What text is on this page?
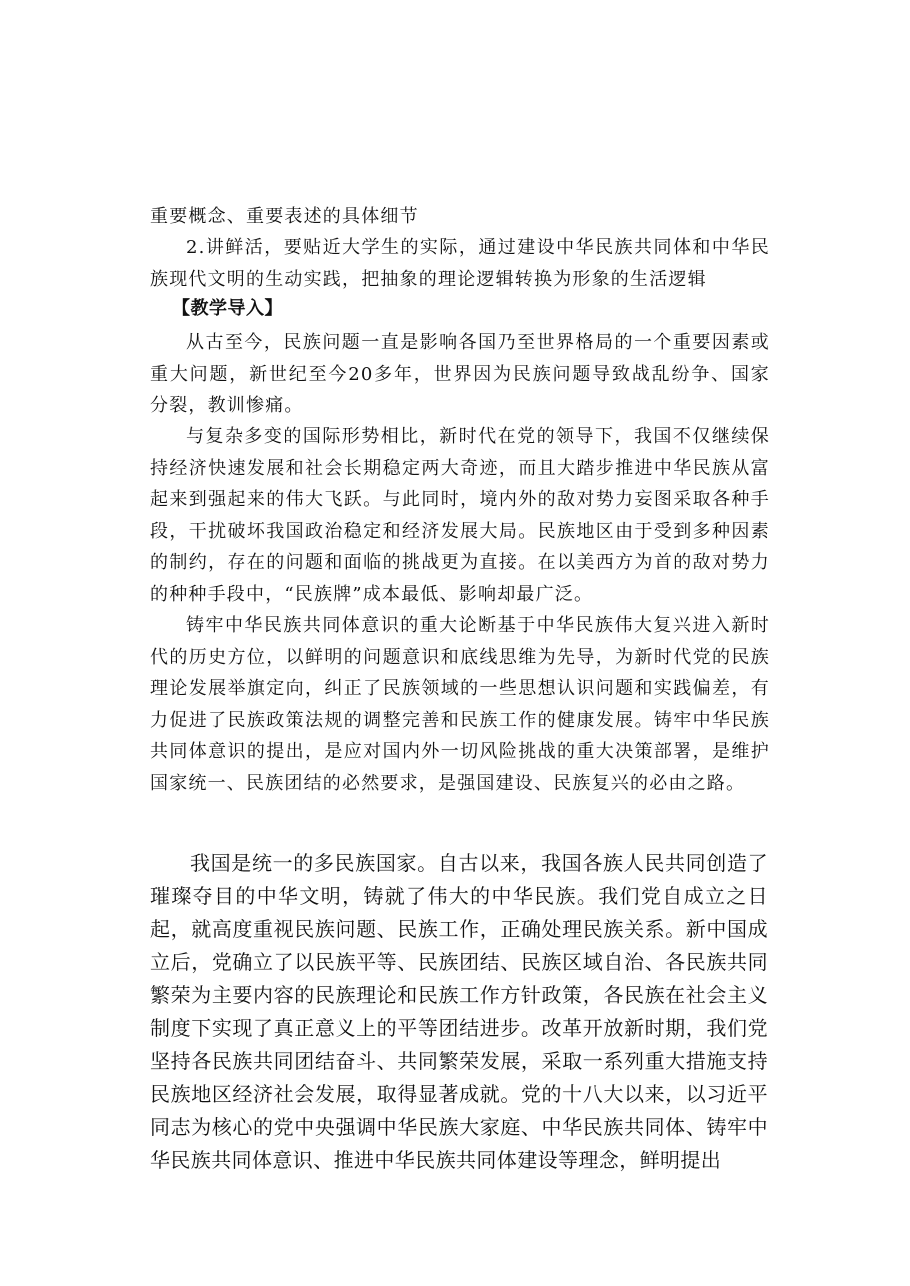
重要概念、重要表述的具体细节

2.讲鲜活，要贴近大学生的实际，通过建设中华民族共同体和中华民族现代文明的生动实践，把抽象的理论逻辑转换为形象的生活逻辑

【教学导入】

从古至今，民族问题一直是影响各国乃至世界格局的一个重要因素或重大问题，新世纪至今20多年，世界因为民族问题导致战乱纷争、国家分裂，教训惨痛。

与复杂多变的国际形势相比，新时代在党的领导下，我国不仅继续保持经济快速发展和社会长期稳定两大奇迹，而且大踏步推进中华民族从富起来到强起来的伟大飞跃。与此同时，境内外的敌对势力妄图采取各种手段，干扰破坏我国政治稳定和经济发展大局。民族地区由于受到多种因素的制约，存在的问题和面临的挑战更为直接。在以美西方为首的敌对势力的种种手段中，“民族牌”成本最低、影响却最广泛。

铸牢中华民族共同体意识的重大论断基于中华民族伟大复兴进入新时代的历史方位，以鲜明的问题意识和底线思维为先导，为新时代党的民族理论发展举旗定向，纠正了民族领域的一些思想认识问题和实践偏差，有力促进了民族政策法规的调整完善和民族工作的健康发展。铸牢中华民族共同体意识的提出，是应对国内外一切风险挑战的重大决策部署，是维护国家统一、民族团结的必然要求，是强国建设、民族复兴的必由之路。

我国是统一的多民族国家。自古以来，我国各族人民共同创造了璀璨夺目的中华文明，铸就了伟大的中华民族。我们党自成立之日起，就高度重视民族问题、民族工作，正确处理民族关系。新中国成立后，党确立了以民族平等、民族团结、民族区域自治、各民族共同繁荣为主要内容的民族理论和民族工作方针政策，各民族在社会主义制度下实现了真正意义上的平等团结进步。改革开放新时期，我们党坚持各民族共同团结奋斗、共同繁荣发展，采取一系列重大措施支持民族地区经济社会发展，取得显著成就。党的十八大以来，以习近平同志为核心的党中央强调中华民族大家庭、中华民族共同体、铸牢中华民族共同体意识、推进中华民族共同体建设等理念，鲜明提出
